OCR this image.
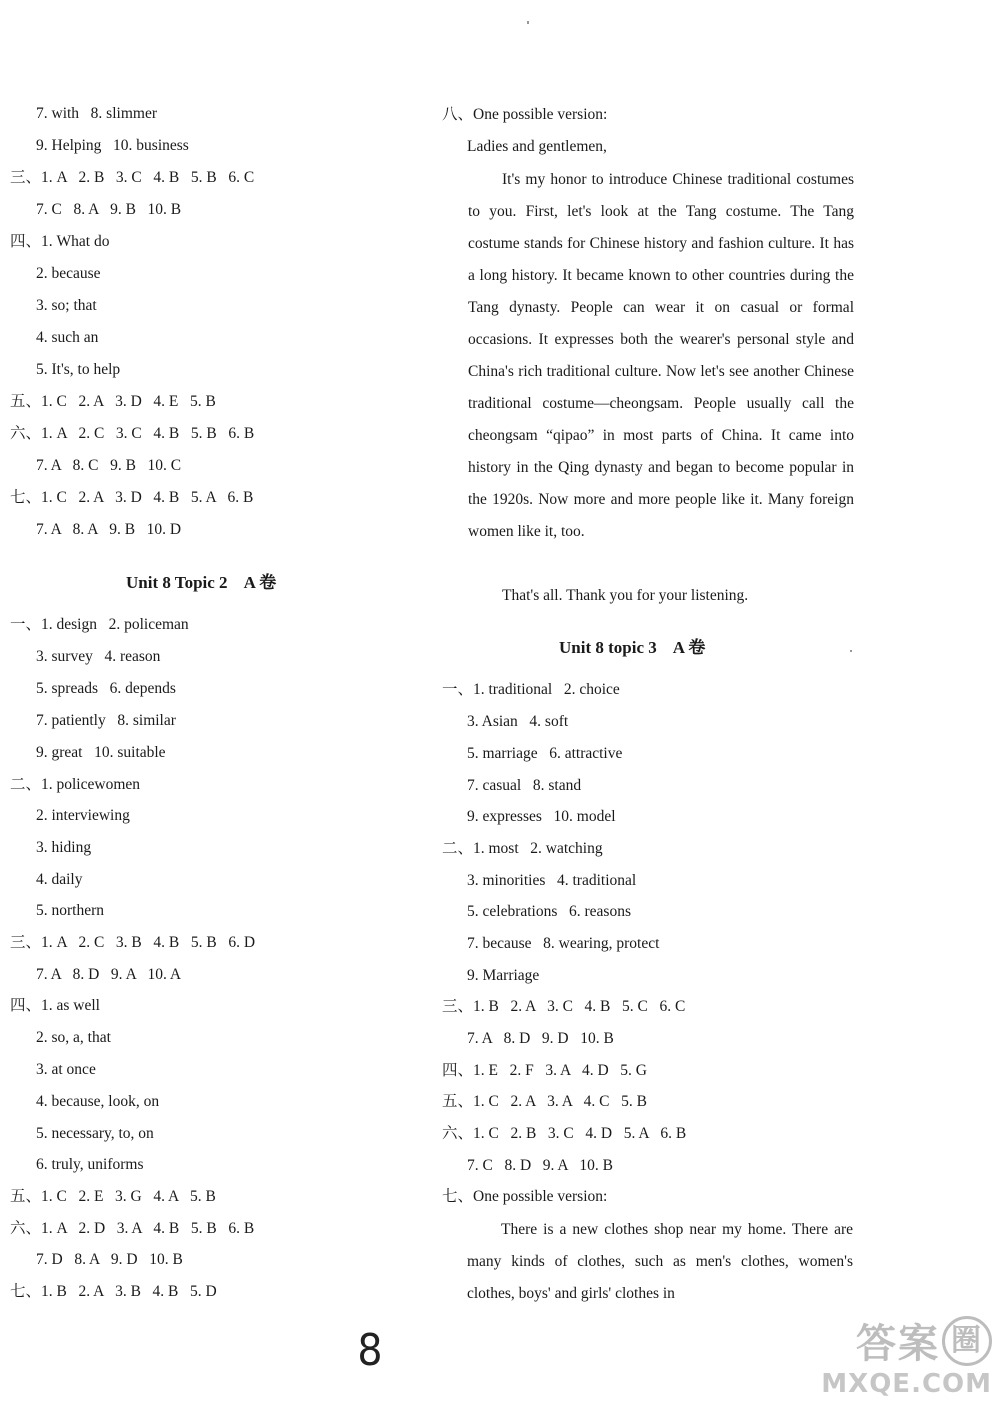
7. with   8. slimmer
9. Helping   10. business
三、1. A   2. B   3. C   4. B   5. B   6. C
7. C   8. A   9. B   10. B
四、1. What do
2. because
3. so; that
4. such an
5. It's, to help
五、1. C   2. A   3. D   4. E   5. B
六、1. A   2. C   3. C   4. B   5. B   6. B
7. A   8. C   9. B   10. C
七、1. C   2. A   3. D   4. B   5. A   6. B
7. A   8. A   9. B   10. D
Unit 8 Topic 2    A 卷
一、1. design   2. policeman
3. survey   4. reason
5. spreads   6. depends
7. patiently   8. similar
9. great   10. suitable
二、1. policewomen
2. interviewing
3. hiding
4. daily
5. northern
三、1. A   2. C   3. B   4. B   5. B   6. D
7. A   8. D   9. A   10. A
四、1. as well
2. so, a, that
3. at once
4. because, look, on
5. necessary, to, on
6. truly, uniforms
五、1. C   2. E   3. G   4. A   5. B
六、1. A   2. D   3. A   4. B   5. B   6. B
7. D   8. A   9. D   10. B
七、1. B   2. A   3. B   4. B   5. D
八、One possible version:
Ladies and gentlemen,
It's my honor to introduce Chinese traditional costumes to you. First, let's look at the Tang costume. The Tang costume stands for Chinese history and fashion culture. It has a long history. It became known to other countries during the Tang dynasty. People can wear it on casual or formal occasions. It expresses both the wearer's personal style and China's rich traditional culture. Now let's see another Chinese traditional costume—cheongsam. People usually call the cheongsam “qipao” in most parts of China. It came into history in the Qing dynasty and began to become popular in the 1920s. Now more and more people like it. Many foreign women like it, too.
That's all. Thank you for your listening.
Unit 8 topic 3    A 卷
一、1. traditional   2. choice
3. Asian   4. soft
5. marriage   6. attractive
7. casual   8. stand
9. expresses   10. model
二、1. most   2. watching
3. minorities   4. traditional
5. celebrations   6. reasons
7. because   8. wearing, protect
9. Marriage
三、1. B   2. A   3. C   4. B   5. C   6. C
7. A   8. D   9. D   10. B
四、1. E   2. F   3. A   4. D   5. G
五、1. C   2. A   3. A   4. C   5. B
六、1. C   2. B   3. C   4. D   5. A   6. B
7. C   8. D   9. A   10. B
七、One possible version:
There is a new clothes shop near my home. There are many kinds of clothes, such as men's clothes, women's clothes, boys' and girls' clothes in
8	答案 圈
MXQE.COM
